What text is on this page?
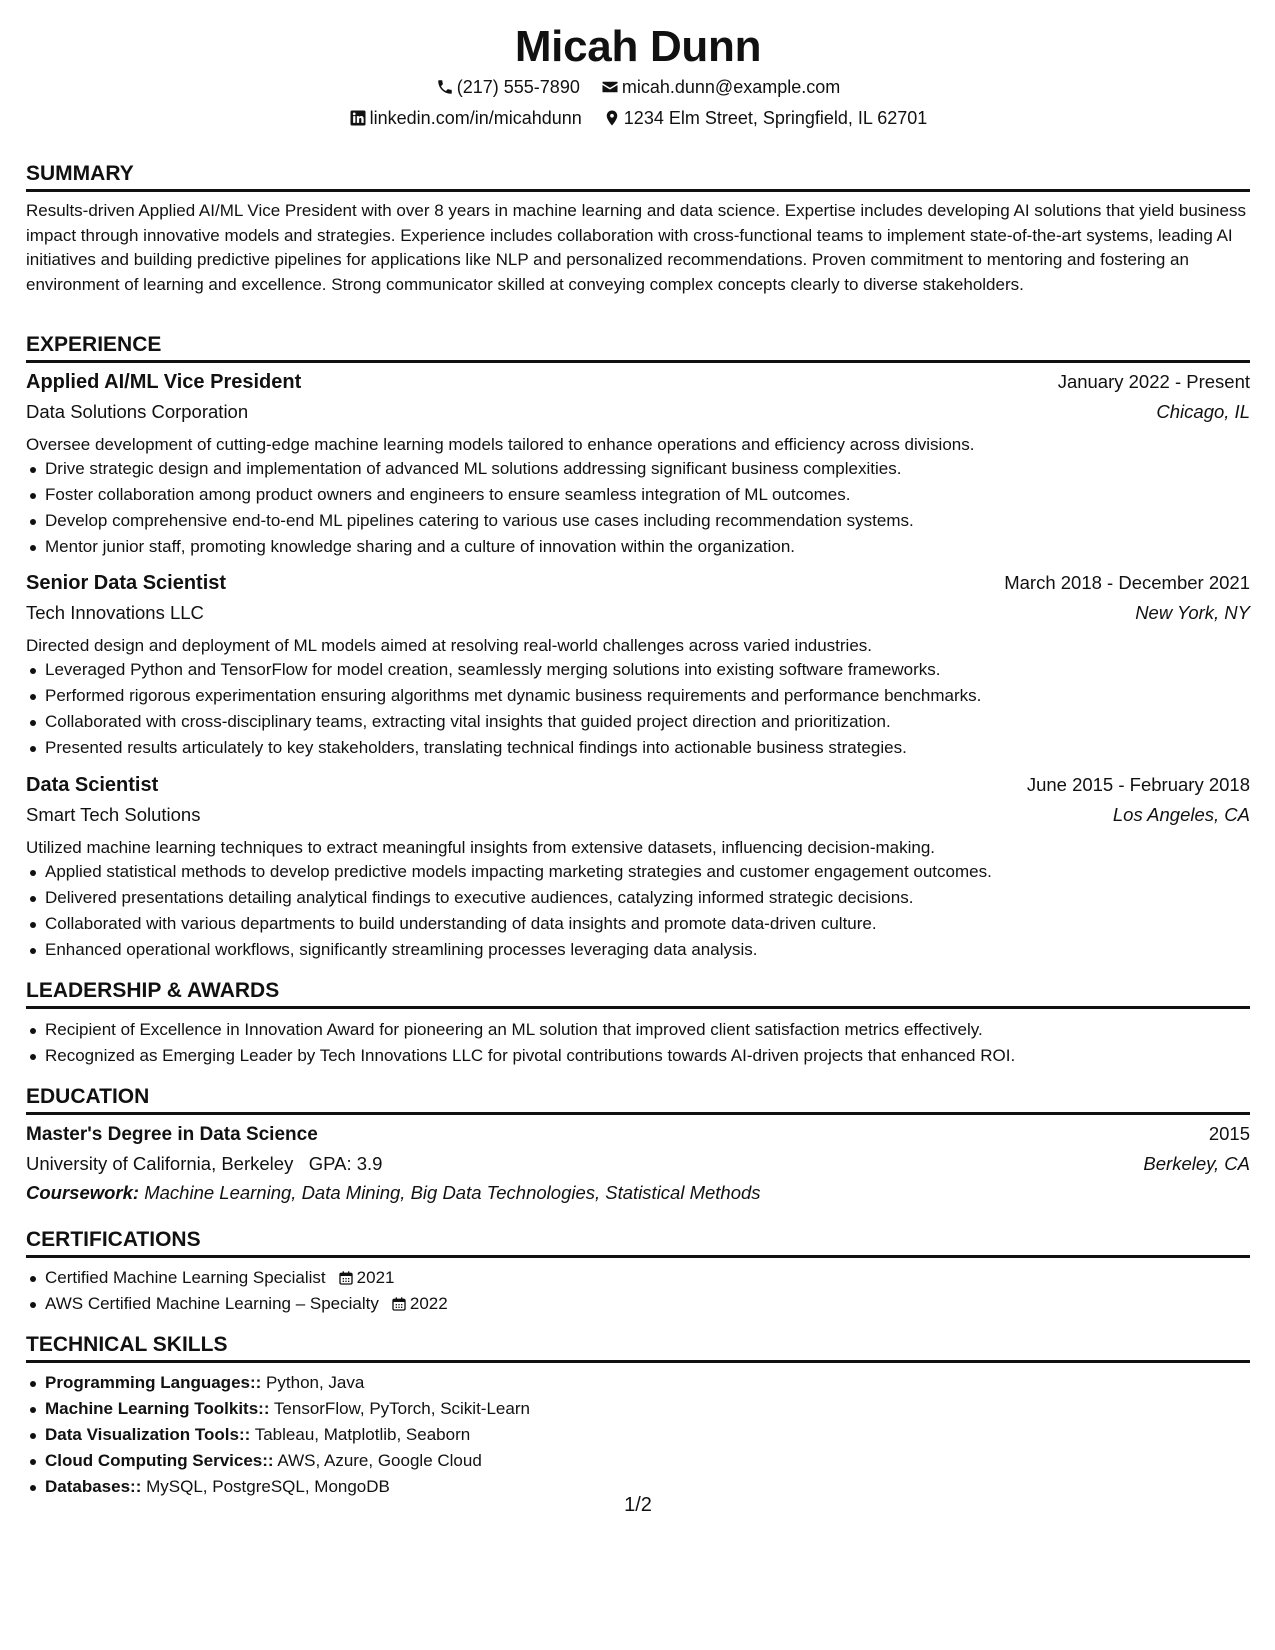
Micah Dunn
(217) 555-7890
micah.dunn@example.com
linkedin.com/in/micahdunn
1234 Elm Street, Springfield, IL 62701
SUMMARY
Results-driven Applied AI/ML Vice President with over 8 years in machine learning and data science. Expertise includes developing AI solutions that yield business impact through innovative models and strategies. Experience includes collaboration with cross-functional teams to implement state-of-the-art systems, leading AI initiatives and building predictive pipelines for applications like NLP and personalized recommendations. Proven commitment to mentoring and fostering an environment of learning and excellence. Strong communicator skilled at conveying complex concepts clearly to diverse stakeholders.
EXPERIENCE
Applied AI/ML Vice President	January 2022 - Present
Data Solutions Corporation	Chicago, IL
Oversee development of cutting-edge machine learning models tailored to enhance operations and efficiency across divisions.
Drive strategic design and implementation of advanced ML solutions addressing significant business complexities.
Foster collaboration among product owners and engineers to ensure seamless integration of ML outcomes.
Develop comprehensive end-to-end ML pipelines catering to various use cases including recommendation systems.
Mentor junior staff, promoting knowledge sharing and a culture of innovation within the organization.
Senior Data Scientist	March 2018 - December 2021
Tech Innovations LLC	New York, NY
Directed design and deployment of ML models aimed at resolving real-world challenges across varied industries.
Leveraged Python and TensorFlow for model creation, seamlessly merging solutions into existing software frameworks.
Performed rigorous experimentation ensuring algorithms met dynamic business requirements and performance benchmarks.
Collaborated with cross-disciplinary teams, extracting vital insights that guided project direction and prioritization.
Presented results articulately to key stakeholders, translating technical findings into actionable business strategies.
Data Scientist	June 2015 - February 2018
Smart Tech Solutions	Los Angeles, CA
Utilized machine learning techniques to extract meaningful insights from extensive datasets, influencing decision-making.
Applied statistical methods to develop predictive models impacting marketing strategies and customer engagement outcomes.
Delivered presentations detailing analytical findings to executive audiences, catalyzing informed strategic decisions.
Collaborated with various departments to build understanding of data insights and promote data-driven culture.
Enhanced operational workflows, significantly streamlining processes leveraging data analysis.
LEADERSHIP & AWARDS
Recipient of Excellence in Innovation Award for pioneering an ML solution that improved client satisfaction metrics effectively.
Recognized as Emerging Leader by Tech Innovations LLC for pivotal contributions towards AI-driven projects that enhanced ROI.
EDUCATION
Master's Degree in Data Science	2015
University of California, Berkeley GPA: 3.9	Berkeley, CA
Coursework: Machine Learning, Data Mining, Big Data Technologies, Statistical Methods
CERTIFICATIONS
Certified Machine Learning Specialist 2021
AWS Certified Machine Learning – Specialty 2022
TECHNICAL SKILLS
Programming Languages:: Python, Java
Machine Learning Toolkits:: TensorFlow, PyTorch, Scikit-Learn
Data Visualization Tools:: Tableau, Matplotlib, Seaborn
Cloud Computing Services:: AWS, Azure, Google Cloud
Databases:: MySQL, PostgreSQL, MongoDB
1/2
